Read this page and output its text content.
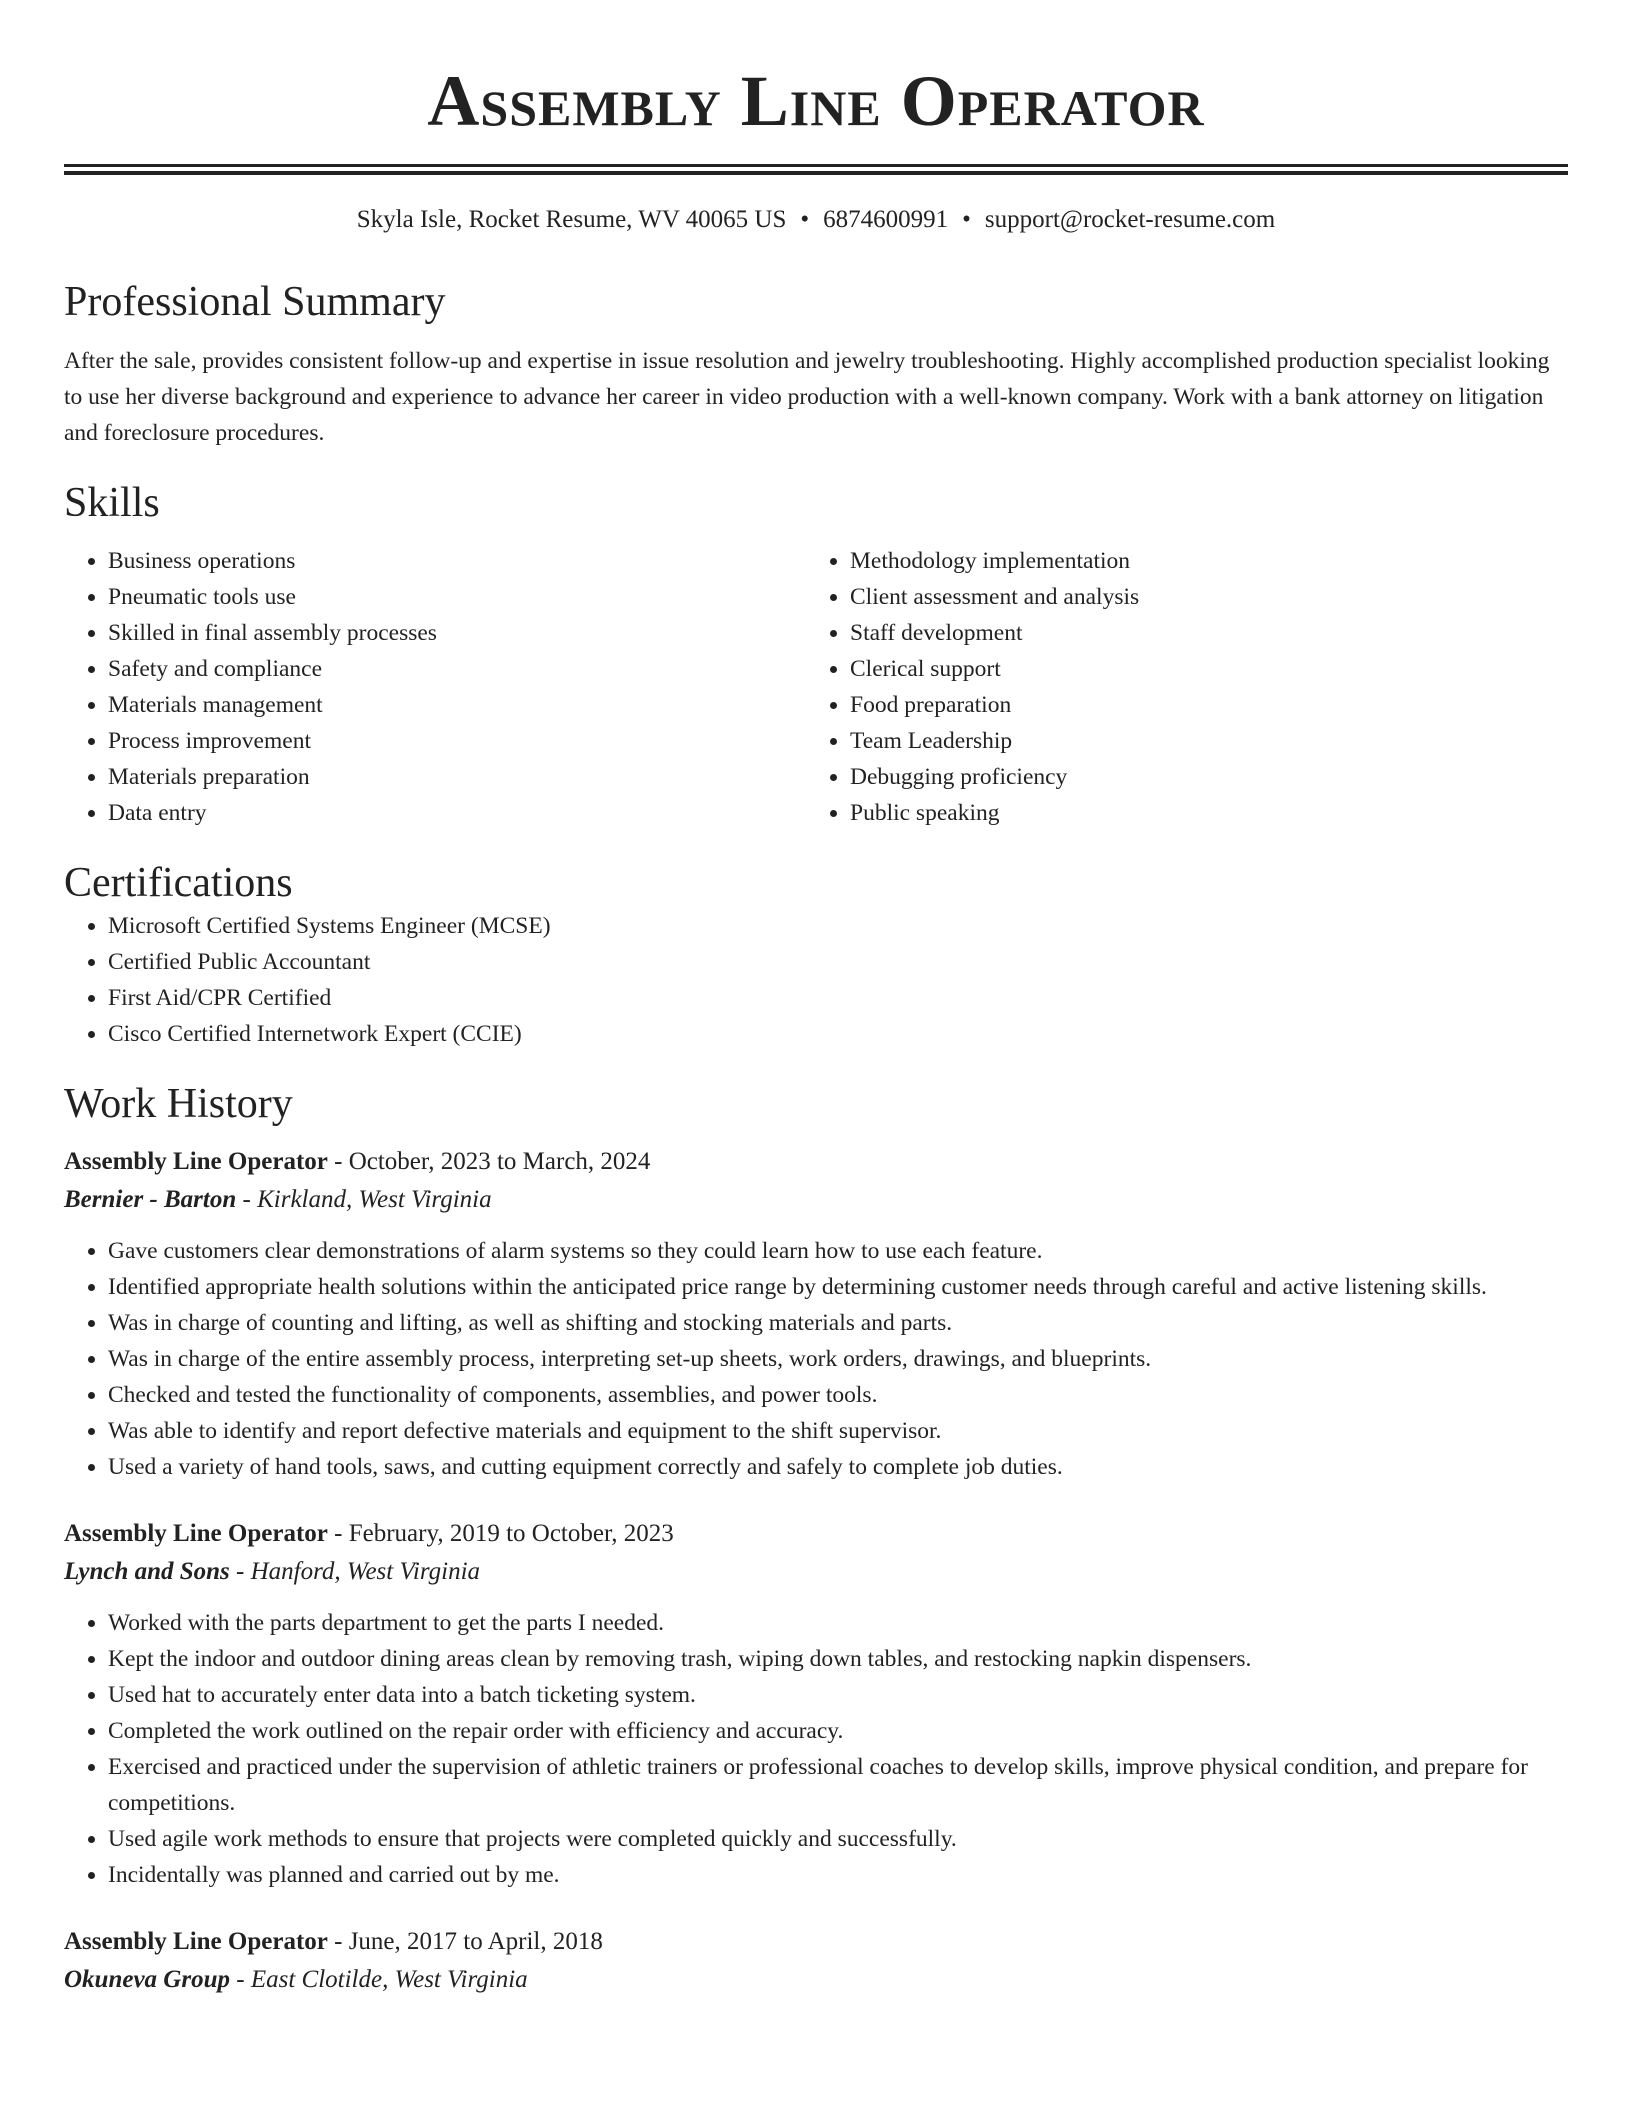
Assembly Line Operator
Skyla Isle, Rocket Resume, WV 40065 US • 6874600991 • support@rocket-resume.com
Professional Summary

After the sale, provides consistent follow-up and expertise in issue resolution and jewelry troubleshooting. Highly accomplished production specialist looking to use her diverse background and experience to advance her career in video production with a well-known company. Work with a bank attorney on litigation and foreclosure procedures.

Skills
• Business operations
• Pneumatic tools use
• Skilled in final assembly processes
• Safety and compliance
• Materials management
• Process improvement
• Materials preparation
• Data entry
• Methodology implementation
• Client assessment and analysis
• Staff development
• Clerical support
• Food preparation
• Team Leadership
• Debugging proficiency
• Public speaking
Certifications
• Microsoft Certified Systems Engineer (MCSE)
• Certified Public Accountant
• First Aid/CPR Certified
• Cisco Certified Internetwork Expert (CCIE)
Work History
Assembly Line Operator - October, 2023 to March, 2024
Bernier - Barton - Kirkland, West Virginia
• Gave customers clear demonstrations of alarm systems so they could learn how to use each feature.
• Identified appropriate health solutions within the anticipated price range by determining customer needs through careful and active listening skills.
• Was in charge of counting and lifting, as well as shifting and stocking materials and parts.
• Was in charge of the entire assembly process, interpreting set-up sheets, work orders, drawings, and blueprints.
• Checked and tested the functionality of components, assemblies, and power tools.
• Was able to identify and report defective materials and equipment to the shift supervisor.
• Used a variety of hand tools, saws, and cutting equipment correctly and safely to complete job duties.
Assembly Line Operator - February, 2019 to October, 2023
Lynch and Sons - Hanford, West Virginia
• Worked with the parts department to get the parts I needed.
• Kept the indoor and outdoor dining areas clean by removing trash, wiping down tables, and restocking napkin dispensers.
• Used hat to accurately enter data into a batch ticketing system.
• Completed the work outlined on the repair order with efficiency and accuracy.
• Exercised and practiced under the supervision of athletic trainers or professional coaches to develop skills, improve physical condition, and prepare for competitions.
• Used agile work methods to ensure that projects were completed quickly and successfully.
• Incidentally was planned and carried out by me.
Assembly Line Operator - June, 2017 to April, 2018
Okuneva Group - East Clotilde, West Virginia
